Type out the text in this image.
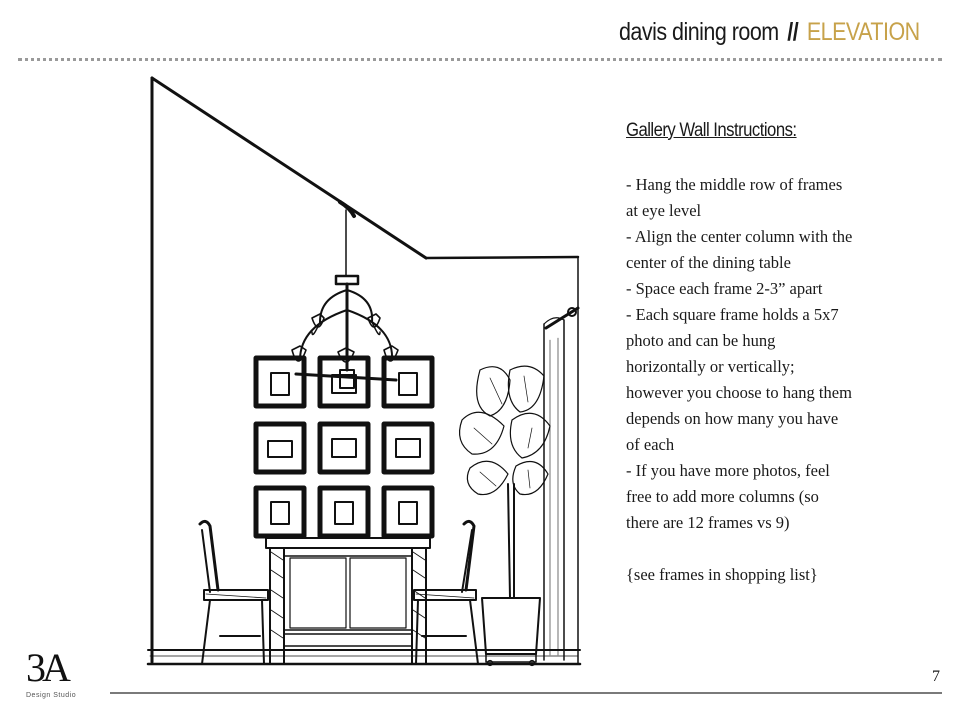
davis dining room // ELEVATION
Gallery Wall Instructions:
- Hang the middle row of frames
at eye level
- Align the center column with the
center of the dining table
- Space each frame 2-3” apart
- Each square frame holds a 5x7
photo and can be hung
horizontally or vertically;
however you choose to hang them
depends on how many you have
of each
- If you have more photos, feel
free to add more columns (so
there are 12 frames vs 9)
{see frames in shopping list}
3A
Design Studio
7
